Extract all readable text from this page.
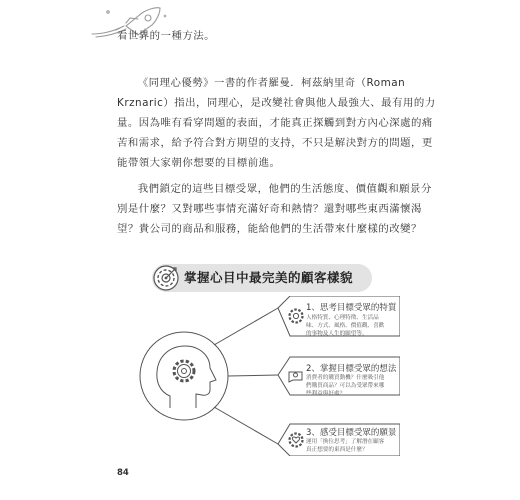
看世界的一種方法。

《同理心優勢》一書的作者羅曼．柯茲納里奇（Roman Krznaric）指出，同理心，是改變社會與他人最強大、最有用的力量。因為唯有看穿問題的表面，才能真正探觸到對方內心深處的痛苦和需求，給予符合對方期望的支持，不只是解決對方的問題，更能帶領大家朝你想要的目標前進。

我們鎖定的這些目標受眾，他們的生活態度、價值觀和願景分別是什麼？又對哪些事情充滿好奇和熱情？還對哪些東西滿懷渴望？貴公司的商品和服務，能給他們的生活帶來什麼樣的改變？

掌握心目中最完美的顧客樣貌
1、思考目標受眾的特質
人格特質、心理特徵、生活品味、方式、風格、價值觀、喜歡的事物及人生的願望等。
2、掌握目標受眾的想法
消費者的購買動機？什麼吸引他們購買商品？可以為受眾帶來哪些利益與好處？
3、感受目標受眾的願景
運用「換位思考」了解潛在顧客真正想要的東西是什麼？
84
